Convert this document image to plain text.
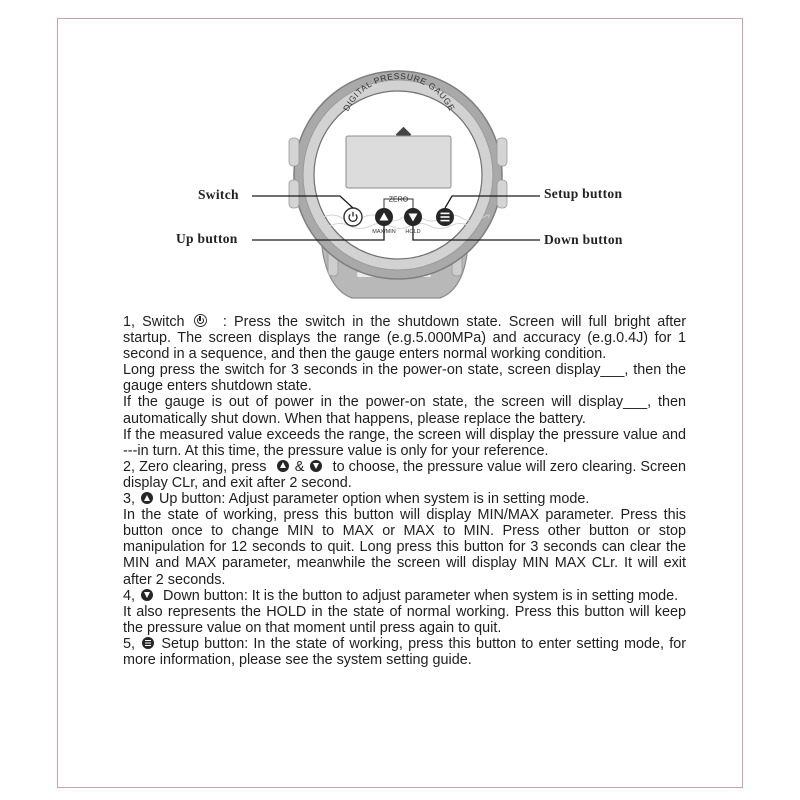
DIGITAL PRESSURE GAUGE
ZERO
MAX/MIN HOLD
Switch
Up button
Setup button
Down button

1, Switch	: Press the switch in the shutdown state. Screen will full bright after startup. The screen displays the range (e.g.5.000MPa) and accuracy (e.g.0.4J) for 1 second in a sequence, and then the gauge enters normal working condition.

Long press the switch for 3 seconds in the power-on state, screen display___, then the gauge enters shutdown state.

If the gauge is out of power in the power-on state, the screen will display___, then automatically shut down. When that happens, please replace the battery.

If the measured value exceeds the range, the screen will display the pressure value and ---in turn. At this time, the pressure value is only for your reference.

2, Zero clearing, press & to choose, the pressure value will zero clearing. Screen display CLr, and exit after 2 second.

3, Up button: Adjust parameter option when system is in setting mode.

In the state of working, press this button will display MIN/MAX parameter. Press this button once to change MIN to MAX or MAX to MIN. Press other button or stop manipulation for 12 seconds to quit. Long press this button for 3 seconds can clear the MIN and MAX parameter, meanwhile the screen will display MIN MAX CLr. It will exit after 2 seconds.

4, Down button: It is the button to adjust parameter when system is in setting mode.

It also represents the HOLD in the state of normal working. Press this button will keep the pressure value on that moment until press again to quit.

5, Setup button: In the state of working, press this button to enter setting mode, for more information, please see the system setting guide.
